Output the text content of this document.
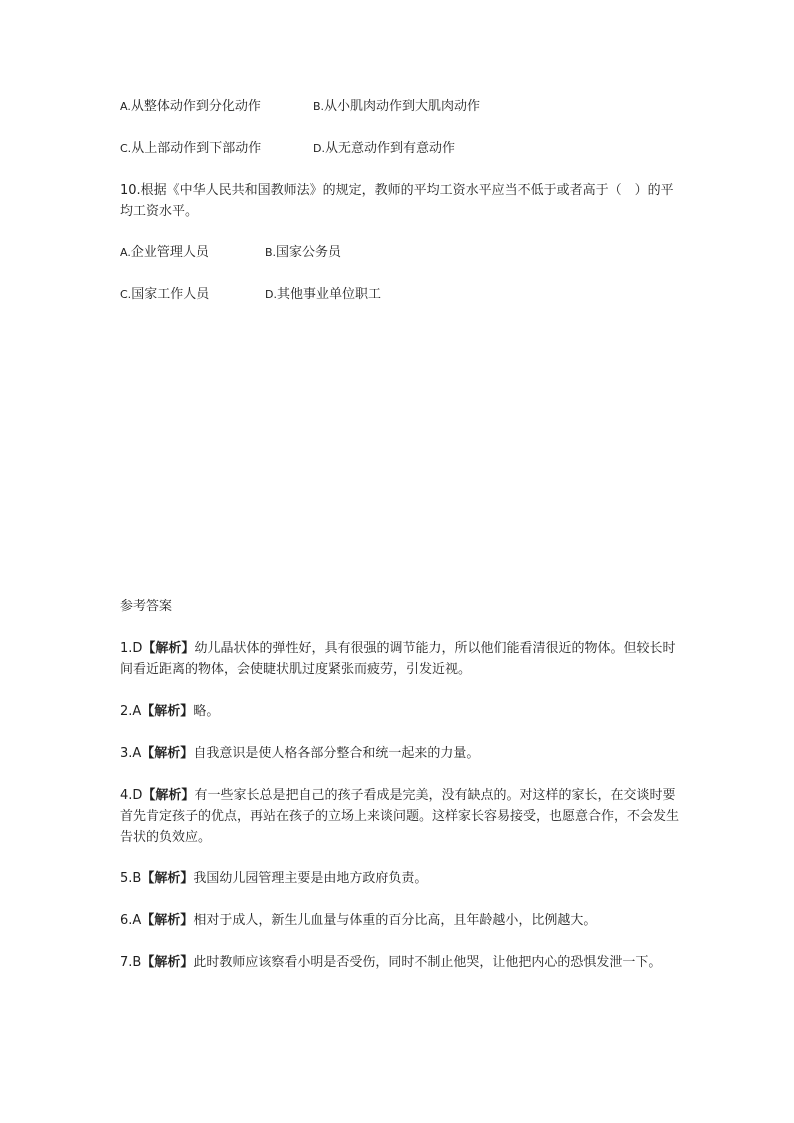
A.从整体动作到分化动作	B.从小肌肉动作到大肌肉动作
C.从上部动作到下部动作	D.从无意动作到有意动作
10.根据《中华人民共和国教师法》的规定，教师的平均工资水平应当不低于或者高于（　）的平均工资水平。
A.企业管理人员	B.国家公务员
C.国家工作人员	D.其他事业单位职工
参考答案
1.D【解析】幼儿晶状体的弹性好，具有很强的调节能力，所以他们能看清很近的物体。但较长时间看近距离的物体，会使睫状肌过度紧张而疲劳，引发近视。
2.A【解析】略。
3.A【解析】自我意识是使人格各部分整合和统一起来的力量。
4.D【解析】有一些家长总是把自己的孩子看成是完美，没有缺点的。对这样的家长，在交谈时要首先肯定孩子的优点，再站在孩子的立场上来谈问题。这样家长容易接受，也愿意合作，不会发生告状的负效应。
5.B【解析】我国幼儿园管理主要是由地方政府负责。
6.A【解析】相对于成人，新生儿血量与体重的百分比高，且年龄越小，比例越大。
7.B【解析】此时教师应该察看小明是否受伤，同时不制止他哭，让他把内心的恐惧发泄一下。
